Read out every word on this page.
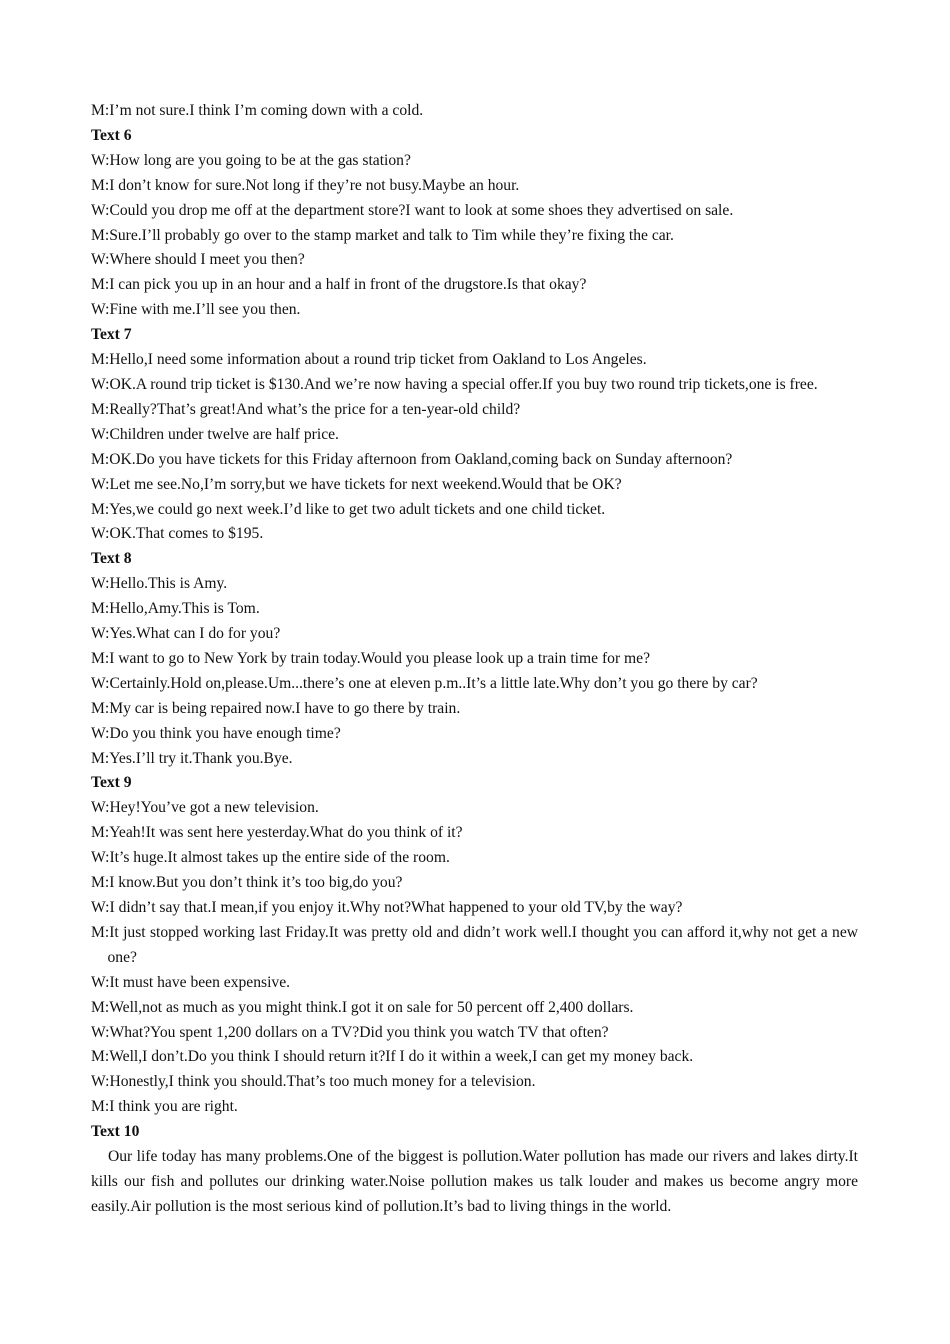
M:I’m not sure.I think I’m coming down with a cold.

Text 6

W:How long are you going to be at the gas station?

M:I don’t know for sure.Not long if they’re not busy.Maybe an hour.

W:Could you drop me off at the department store?I want to look at some shoes they advertised on sale.

M:Sure.I’ll probably go over to the stamp market and talk to Tim while they’re fixing the car.

W:Where should I meet you then?

M:I can pick you up in an hour and a half in front of the drugstore.Is that okay?

W:Fine with me.I’ll see you then.

Text 7

M:Hello,I need some information about a round trip ticket from Oakland to Los Angeles.

W:OK.A round trip ticket is $130.And we’re now having a special offer.If you buy two round trip tickets,one is free.

M:Really?That’s great!And what’s the price for a ten-year-old child?

W:Children under twelve are half price.

M:OK.Do you have tickets for this Friday afternoon from Oakland,coming back on Sunday afternoon?

W:Let me see.No,I’m sorry,but we have tickets for next weekend.Would that be OK?

M:Yes,we could go next week.I’d like to get two adult tickets and one child ticket.

W:OK.That comes to $195.

Text 8

W:Hello.This is Amy.

M:Hello,Amy.This is Tom.

W:Yes.What can I do for you?

M:I want to go to New York by train today.Would you please look up a train time for me?

W:Certainly.Hold on,please.Um...there’s one at eleven p.m..It’s a little late.Why don’t you go there by car?

M:My car is being repaired now.I have to go there by train.

W:Do you think you have enough time?

M:Yes.I’ll try it.Thank you.Bye.

Text 9

W:Hey!You’ve got a new television.

M:Yeah!It was sent here yesterday.What do you think of it?

W:It’s huge.It almost takes up the entire side of the room.

M:I know.But you don’t think it’s too big,do you?

W:I didn’t say that.I mean,if you enjoy it.Why not?What happened to your old TV,by the way?

M:It just stopped working last Friday.It was pretty old and didn’t work well.I thought you can afford it,why not get a new one?

W:It must have been expensive.

M:Well,not as much as you might think.I got it on sale for 50 percent off 2,400 dollars.

W:What?You spent 1,200 dollars on a TV?Did you think you watch TV that often?

M:Well,I don’t.Do you think I should return it?If I do it within a week,I can get my money back.

W:Honestly,I think you should.That’s too much money for a television.

M:I think you are right.

Text 10

Our life today has many problems.One of the biggest is pollution.Water pollution has made our rivers and lakes dirty.It kills our fish and pollutes our drinking water.Noise pollution makes us talk louder and makes us become angry more easily.Air pollution is the most serious kind of pollution.It’s bad to living things in the world.
